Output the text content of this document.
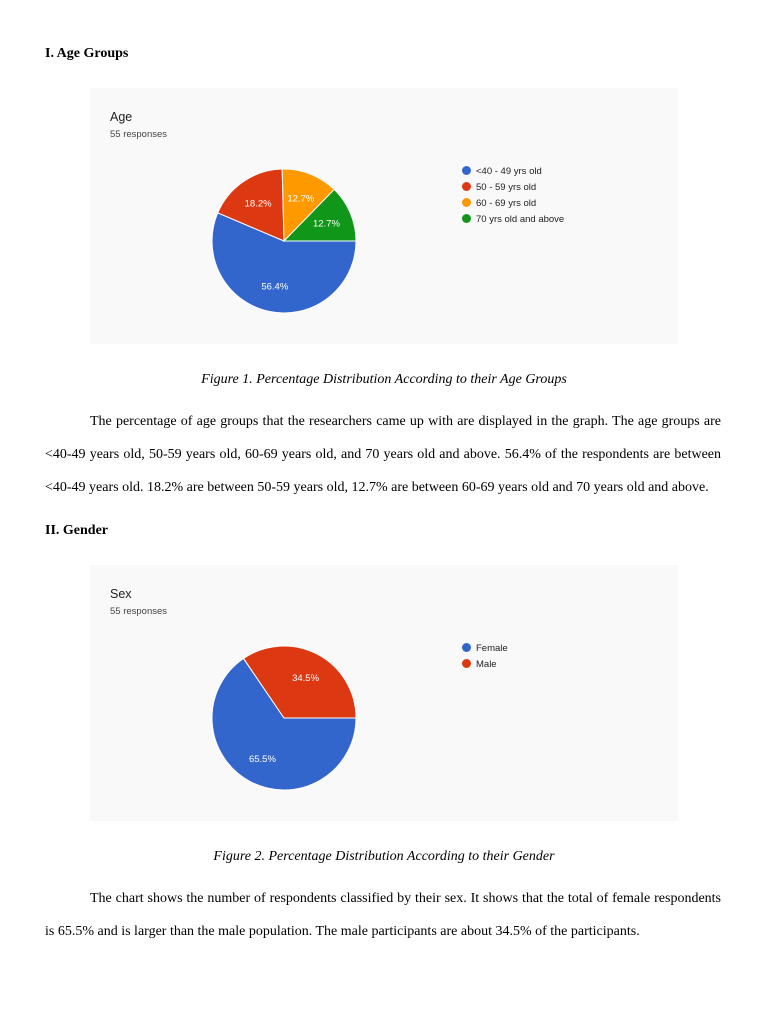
I. Age Groups
Age
55 responses
56.4%
18.2% 12.7%
12.7%
<40 - 49 yrs old
50 - 59 yrs old
60 - 69 yrs old
70 yrs old and above

Figure 1. Percentage Distribution According to their Age Groups

The percentage of age groups that the researchers came up with are displayed in the graph. The age groups are <40-49 years old, 50-59 years old, 60-69 years old, and 70 years old and above. 56.4% of the respondents are between <40-49 years old. 18.2% are between 50-59 years old, 12.7% are between 60-69 years old and 70 years old and above.

II. Gender
Sex
55 responses
65.5%
34.5%
Female
Male

Figure 2. Percentage Distribution According to their Gender

The chart shows the number of respondents classified by their sex. It shows that the total of female respondents is 65.5% and is larger than the male population. The male participants are about 34.5% of the participants.
